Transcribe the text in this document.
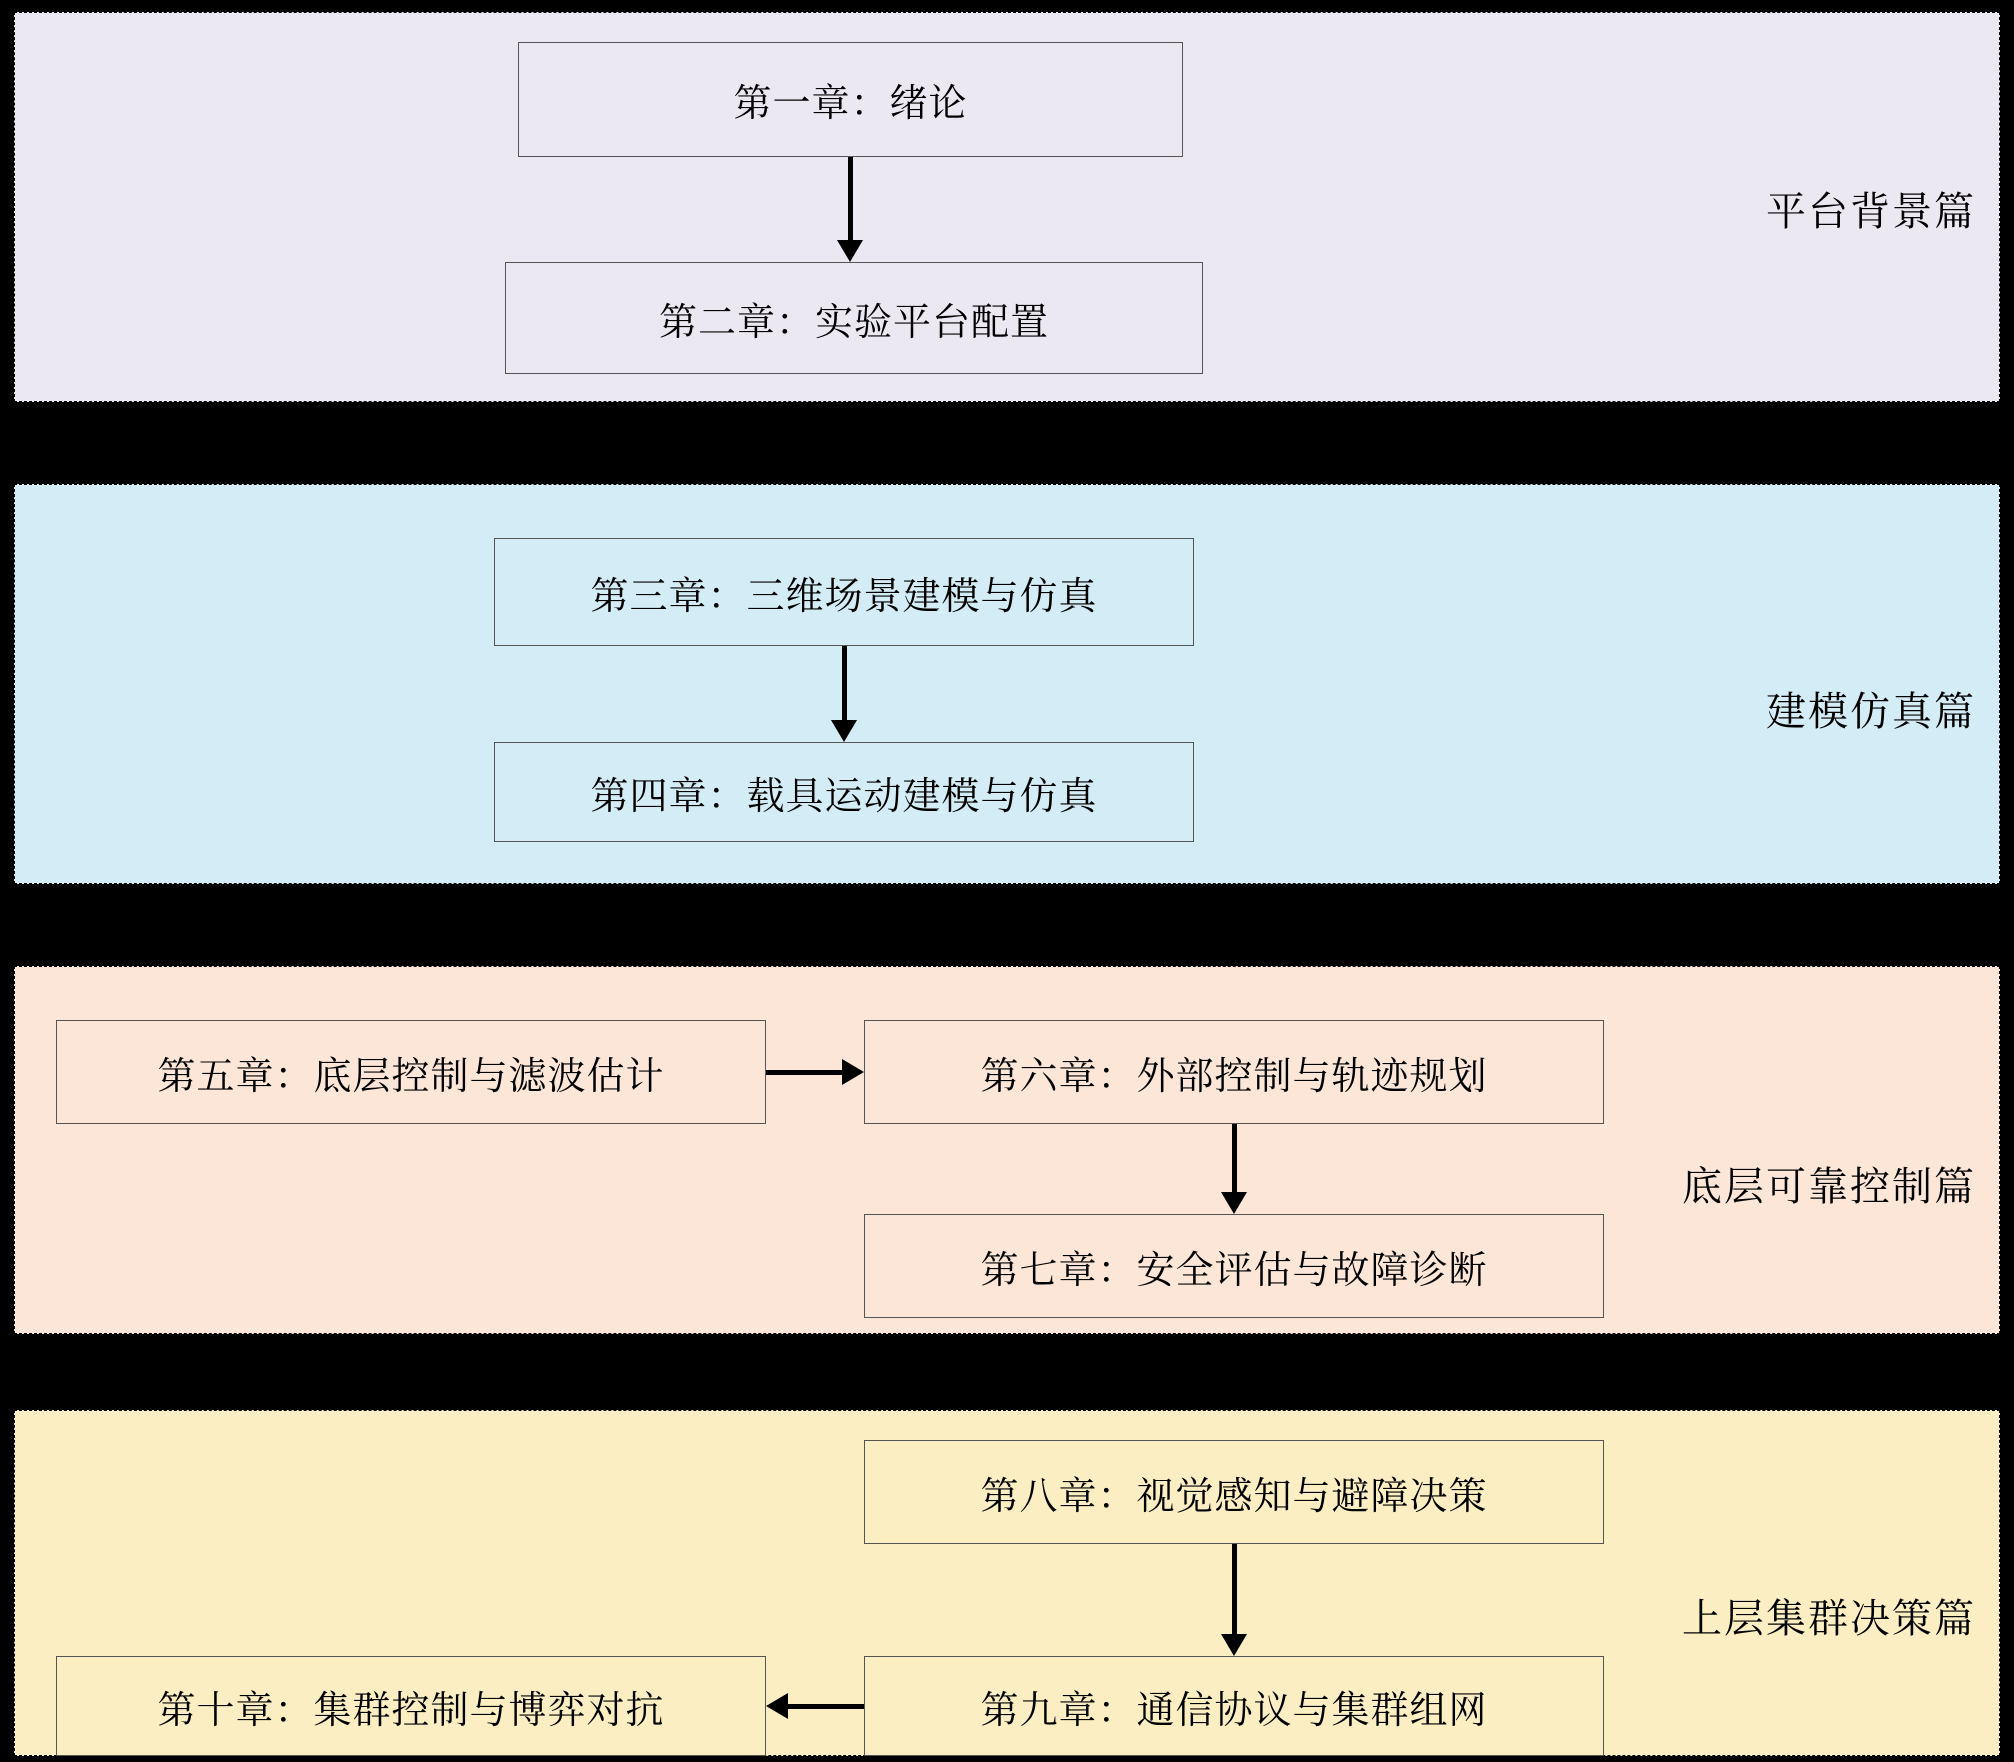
平台背景篇
第一章：绪论
第二章：实验平台配置
建模仿真篇
第三章：三维场景建模与仿真
第四章：载具运动建模与仿真
底层可靠控制篇
第五章：底层控制与滤波估计	第六章：外部控制与轨迹规划
第七章：安全评估与故障诊断
上层集群决策篇
第八章：视觉感知与避障决策
第九章：通信协议与集群组网
第十章：集群控制与博弈对抗
